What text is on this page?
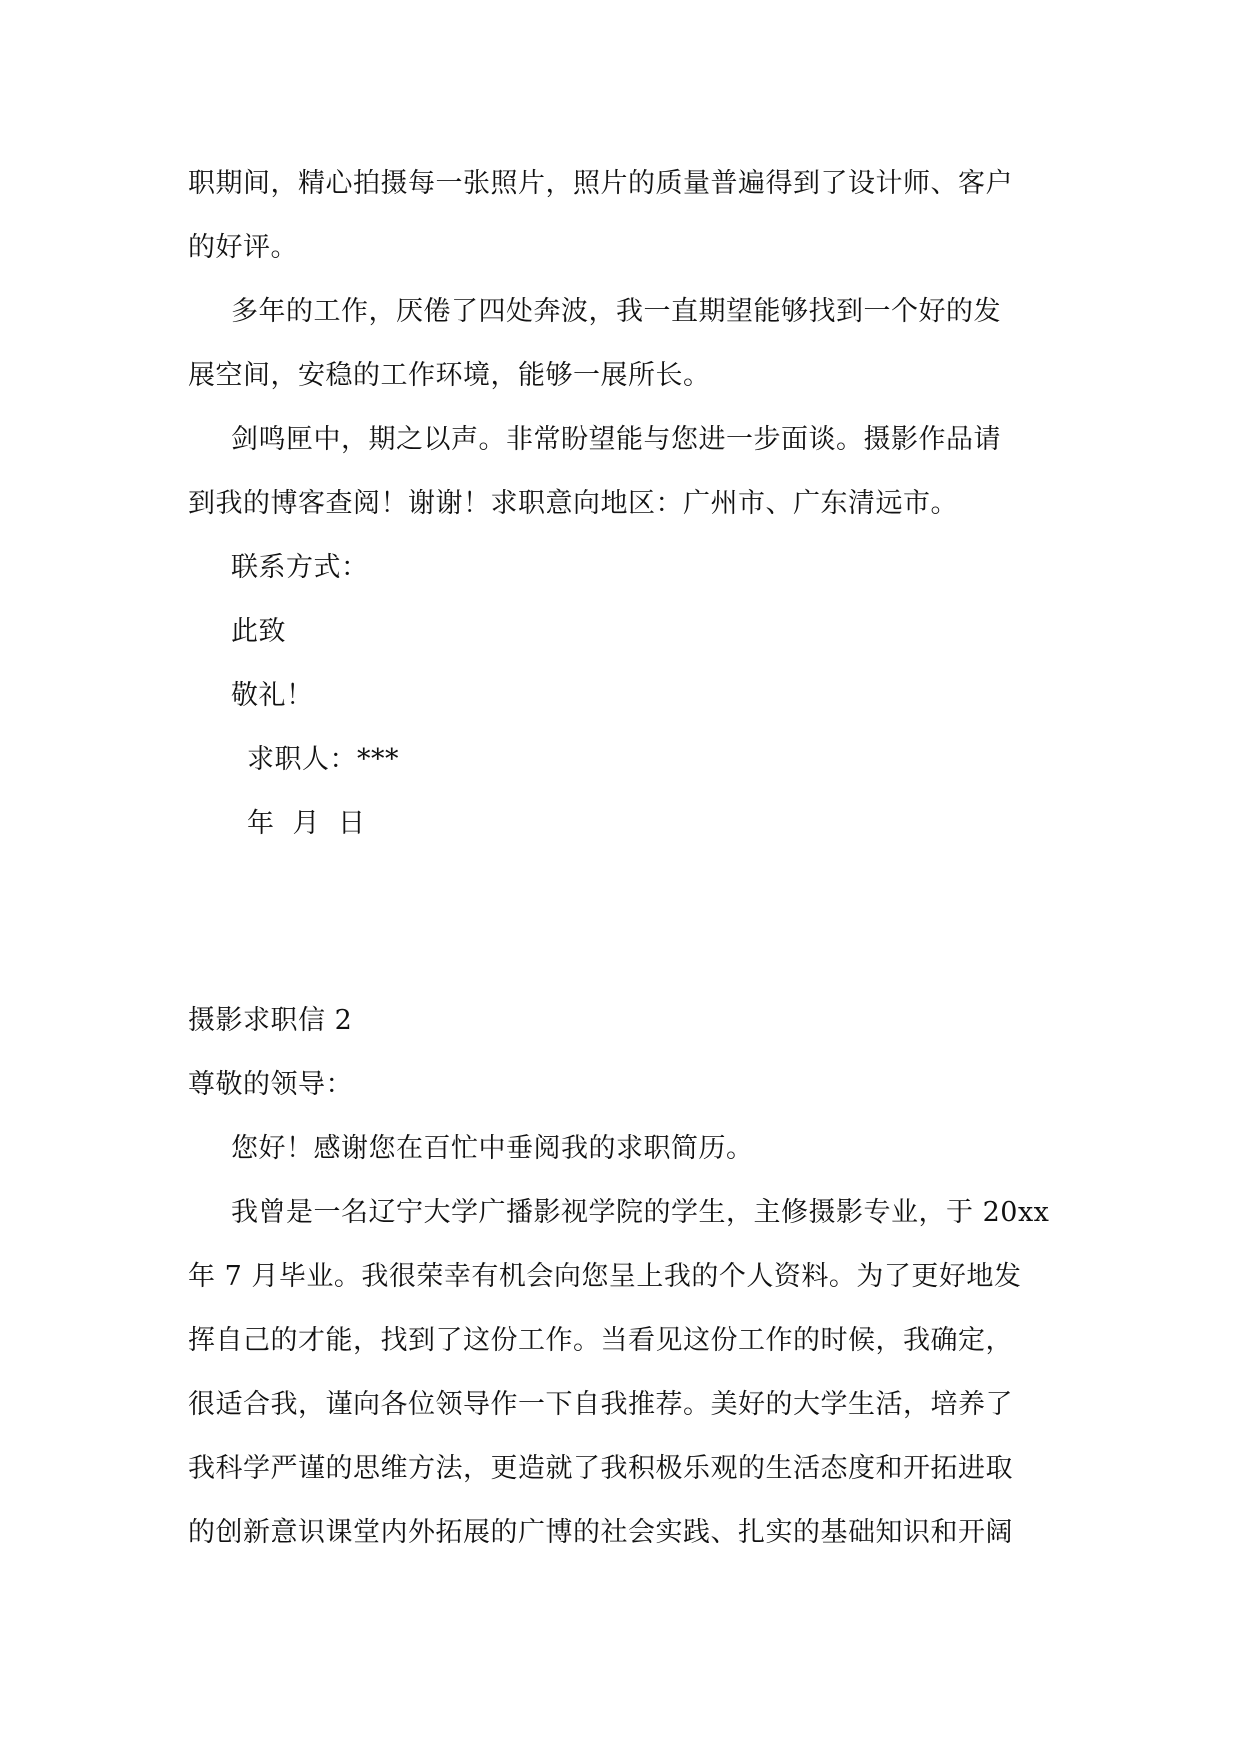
职期间，精心拍摄每一张照片，照片的质量普遍得到了设计师、客户
的好评。
多年的工作，厌倦了四处奔波，我一直期望能够找到一个好的发
展空间，安稳的工作环境，能够一展所长。
剑鸣匣中，期之以声。非常盼望能与您进一步面谈。摄影作品请
到我的博客查阅！谢谢！求职意向地区：广州市、广东清远市。
联系方式：
此致
敬礼！
求职人：***
年 月 日
摄影求职信 2
尊敬的领导：
您好！感谢您在百忙中垂阅我的求职简历。
我曾是一名辽宁大学广播影视学院的学生，主修摄影专业，于 20xx
年 7 月毕业。我很荣幸有机会向您呈上我的个人资料。为了更好地发
挥自己的才能，找到了这份工作。当看见这份工作的时候，我确定，
很适合我，谨向各位领导作一下自我推荐。美好的大学生活，培养了
我科学严谨的思维方法，更造就了我积极乐观的生活态度和开拓进取
的创新意识课堂内外拓展的广博的社会实践、扎实的基础知识和开阔
